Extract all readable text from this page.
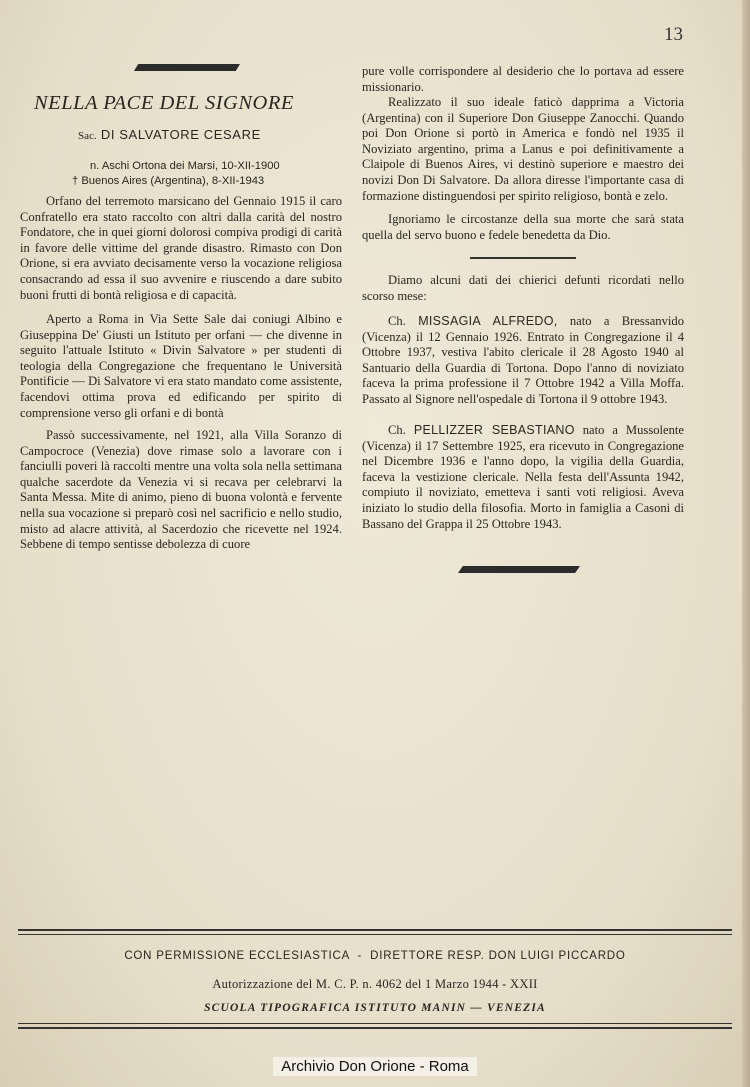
13
NELLA PACE DEL SIGNORE
Sac. DI SALVATORE CESARE
n. Aschi Ortona dei Marsi, 10-XII-1900
† Buenos Aires (Argentina), 8-XII-1943

Orfano del terremoto marsicano del Gennaio 1915 il caro Confratello era stato raccolto con altri dalla carità del nostro Fondatore, che in quei giorni dolorosi compiva prodigi di carità in favore delle vittime del grande disastro. Rimasto con Don Orione, si era avviato decisamente verso la vocazione religiosa consacrando ad essa il suo avvenire e riuscendo a dare subito buoni frutti di bontà religiosa e di capacità.

Aperto a Roma in Via Sette Sale dai coniugi Albino e Giuseppina De' Giusti un Istituto per orfani — che divenne in seguito l'attuale Istituto « Divin Salvatore » per studenti di teologia della Congregazione che frequentano le Università Pontificie — Di Salvatore vi era stato mandato come assistente, facendovi ottima prova ed edificando per spirito di comprensione verso gli orfani e di bontà

Passò successivamente, nel 1921, alla Villa Soranzo di Campocroce (Venezia) dove rimase solo a lavorare con i fanciulli poveri là raccolti mentre una volta sola nella settimana qualche sacerdote da Venezia vi si recava per celebrarvi la Santa Messa. Mite di animo, pieno di buona volontà e fervente nella sua vocazione si preparò così nel sacrificio e nello studio, misto ad alacre attività, al Sacerdozio che ricevette nel 1924. Sebbene di tempo sentisse debolezza di cuore

pure volle corrispondere al desiderio che lo portava ad essere missionario.

Realizzato il suo ideale faticò dapprima a Victoria (Argentina) con il Superiore Don Giuseppe Zanocchi. Quando poi Don Orione si portò in America e fondò nel 1935 il Noviziato argentino, prima a Lanus e poi definitivamente a Claipole di Buenos Aires, vi destinò superiore e maestro dei novizi Don Di Salvatore. Da allora diresse l'importante casa di formazione distinguendosi per spirito religioso, bontà e zelo.

Ignoriamo le circostanze della sua morte che sarà stata quella del servo buono e fedele benedetta da Dio.

Diamo alcuni dati dei chierici defunti ricordati nello scorso mese:

Ch. MISSAGIA ALFREDO, nato a Bressanvido (Vicenza) il 12 Gennaio 1926. Entrato in Congregazione il 4 Ottobre 1937, vestiva l'abito clericale il 28 Agosto 1940 al Santuario della Guardia di Tortona. Dopo l'anno di noviziato faceva la prima professione il 7 Ottobre 1942 a Villa Moffa. Passato al Signore nell'ospedale di Tortona il 9 ottobre 1943.

Ch. PELLIZZER SEBASTIANO nato a Mussolente (Vicenza) il 17 Settembre 1925, era ricevuto in Congregazione nel Dicembre 1936 e l'anno dopo, la vigilia della Guardia, faceva la vestizione clericale. Nella festa dell'Assunta 1942, compiuto il noviziato, emetteva i santi voti religiosi. Aveva iniziato lo studio della filosofia. Morto in famiglia a Casoni di Bassano del Grappa il 25 Ottobre 1943.

CON PERMISSIONE ECCLESIASTICA - DIRETTORE RESP. DON LUIGI PICCARDO
Autorizzazione del M. C. P. n. 4062 del 1 Marzo 1944 - XXII
SCUOLA TIPOGRAFICA ISTITUTO MANIN — VENEZIA
Archivio Don Orione - Roma
